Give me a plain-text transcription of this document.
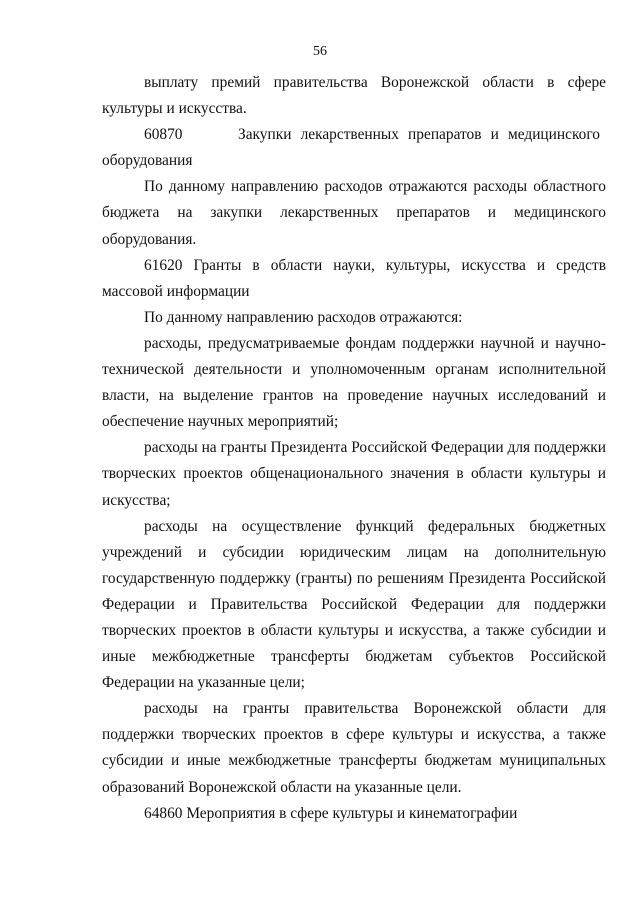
56

выплату премий правительства Воронежской области в сфере культуры и искусства.

60870	Закупки лекарственных препаратов и медицинского
оборудования

По данному направлению расходов отражаются расходы областного бюджета на закупки лекарственных препаратов и медицинского оборудования.

61620 Гранты в области науки, культуры, искусства и средств массовой информации

По данному направлению расходов отражаются:

расходы, предусматриваемые фондам поддержки научной и научно-технической деятельности и уполномоченным органам исполнительной власти, на выделение грантов на проведение научных исследований и обеспечение научных мероприятий;

расходы на гранты Президента Российской Федерации для поддержки творческих проектов общенационального значения в области культуры и искусства;

расходы на осуществление функций федеральных бюджетных учреждений и субсидии юридическим лицам на дополнительную государственную поддержку (гранты) по решениям Президента Российской Федерации и Правительства Российской Федерации для поддержки творческих проектов в области культуры и искусства, а также субсидии и иные межбюджетные трансферты бюджетам субъектов Российской Федерации на указанные цели;

расходы на гранты правительства Воронежской области для поддержки творческих проектов в сфере культуры и искусства, а также субсидии и иные межбюджетные трансферты бюджетам муниципальных образований Воронежской области на указанные цели.

64860 Мероприятия в сфере культуры и кинематографии
